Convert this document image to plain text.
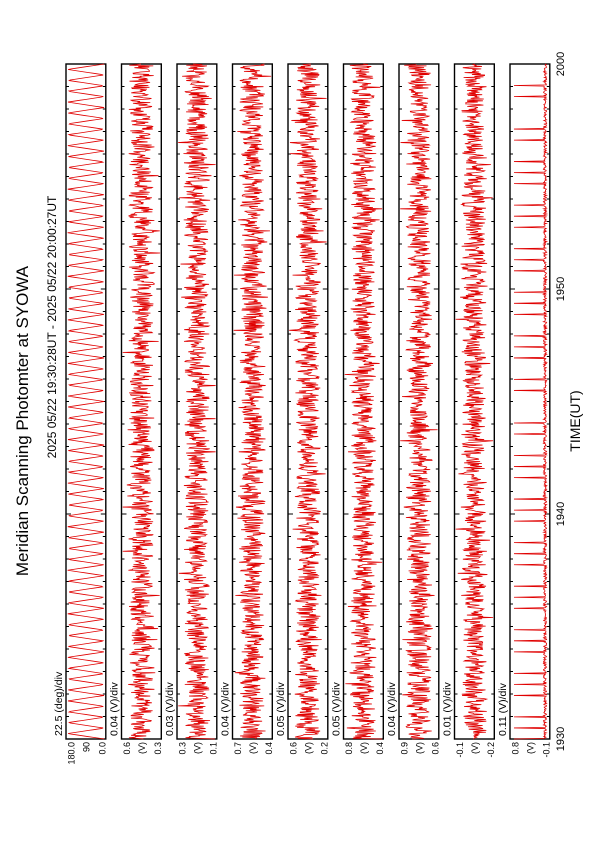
Meridian Scanning Photomter at SYOWA 2025 05/22 19:30:28UT - 2025 05/22 20:00:27UT
22.5 (deg)/div
180.0 90 0.0
0.04 (V)/div
0.6 0.3
(V)
0.03 (V)/div
0.3 0.1
(V)
0.04 (V)/div
0.7 0.4
(V)
0.05 (V)/div
0.6 0.2
(V)
0.05 (V)/div
0.8 0.4
(V)
0.04 (V)/div
0.9 0.6
(V)
0.01 (V)/div
-0.1 -0.2
(V)
0.11 (V)/div
0.8 -0.1
(V) 1930
1940
1950
2000
TIME(UT)
